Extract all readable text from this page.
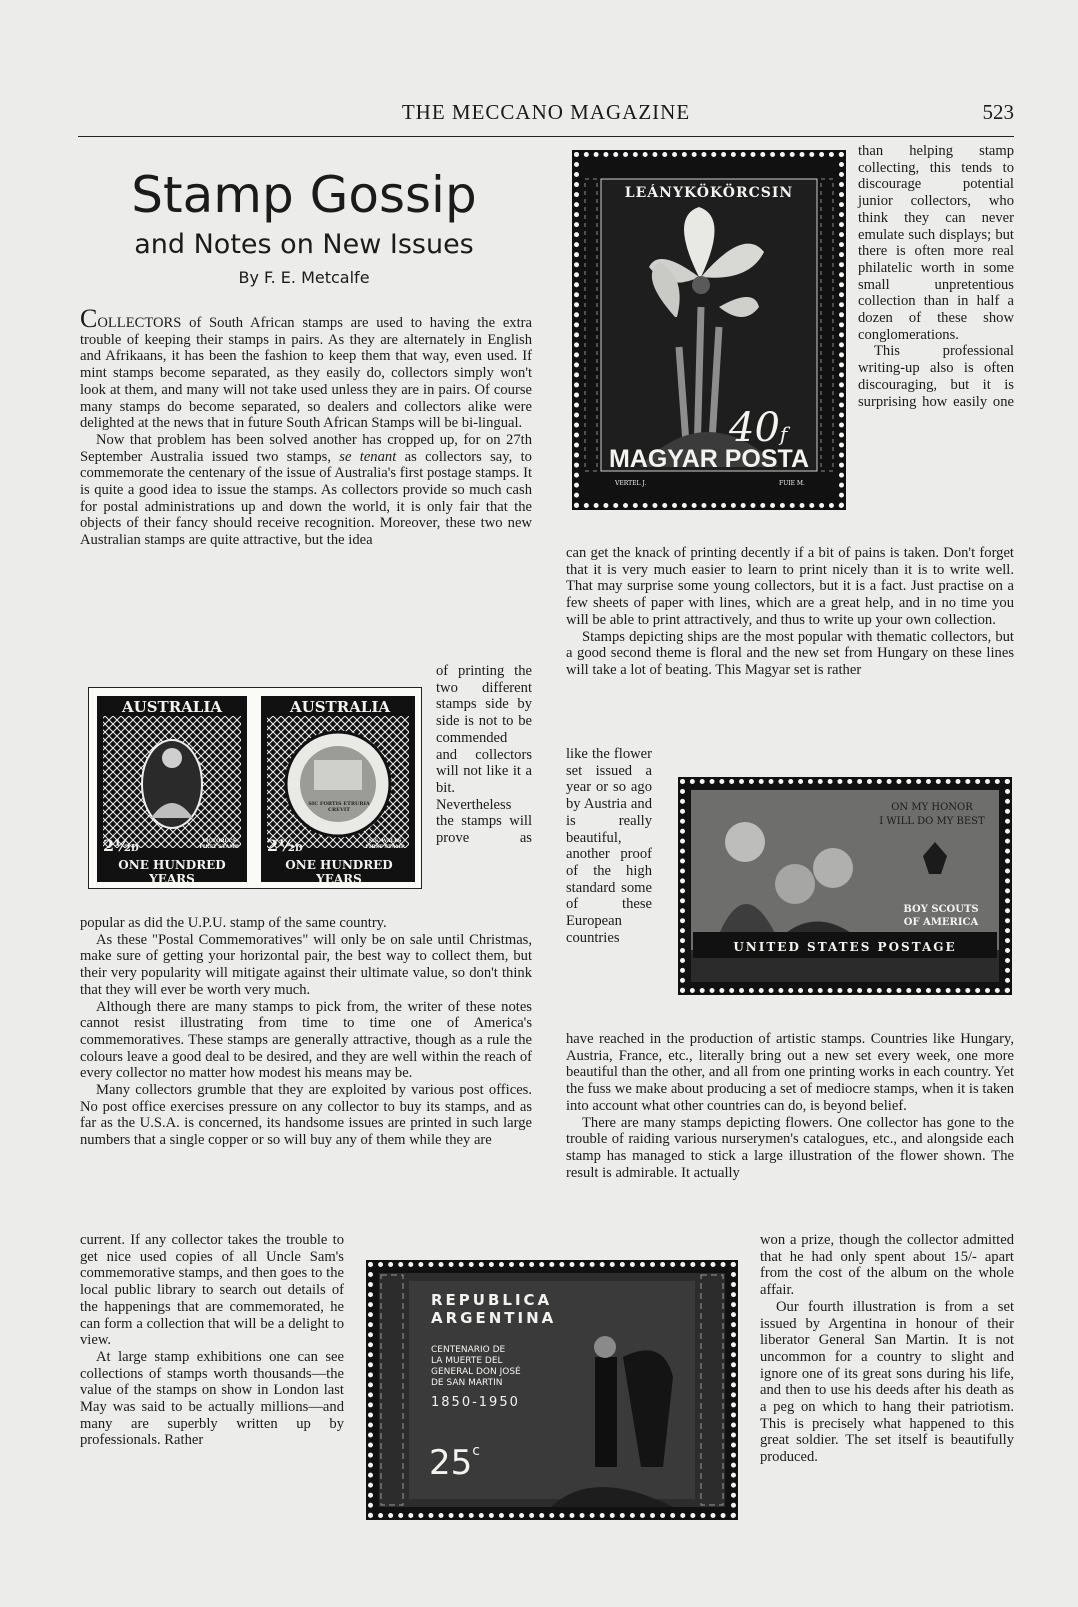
THE MECCANO MAGAZINE	523
Stamp Gossip
and Notes on New Issues
By F. E. Metcalfe

COLLECTORS of South African stamps are used to having the extra trouble of keeping their stamps in pairs. As they are alternately in English and Afrikaans, it has been the fashion to keep them that way, even used. If mint stamps become separated, as they easily do, collectors simply won't look at them, and many will not take used unless they are in pairs. Of course many stamps do become separated, so dealers and collectors alike were delighted at the news that in future South African Stamps will be bi-lingual.

Now that problem has been solved another has cropped up, for on 27th September Australia issued two stamps, se tenant as collectors say, to commemorate the centenary of the issue of Australia's first postage stamps. It is quite a good idea to issue the stamps. As collectors provide so much cash for postal administrations up and down the world, it is only fair that the objects of their fancy should receive recognition. Moreover, these two new Australian stamps are quite attractive, but the idea

AUSTRALIA	AUSTRALIA
2½D	2½D
VICTORIA'S FIRST STAMP
N.S. WALES FIRST STAMP
SIC FORTIS ETRURIA CREVIT
ONE HUNDRED YEARS
ONE HUNDRED YEARS

of printing the two different stamps side by side is not to be commended and collectors will not like it a bit. Nevertheless the stamps will prove as

popular as did the U.P.U. stamp of the same country.

As these "Postal Commemoratives" will only be on sale until Christmas, make sure of getting your horizontal pair, the best way to collect them, but their very popularity will mitigate against their ultimate value, so don't think that they will ever be worth very much.

Although there are many stamps to pick from, the writer of these notes cannot resist illustrating from time to time one of America's commemoratives. These stamps are generally attractive, though as a rule the colours leave a good deal to be desired, and they are well within the reach of every collector no matter how modest his means may be.

Many collectors grumble that they are exploited by various post offices. No post office exercises pressure on any collector to buy its stamps, and as far as the U.S.A. is concerned, its handsome issues are printed in such large numbers that a single copper or so will buy any of them while they are

current. If any collector takes the trouble to get nice used copies of all Uncle Sam's commemorative stamps, and then goes to the local public library to search out details of the happenings that are commemorated, he can form a collection that will be a delight to view.

At large stamp exhibitions one can see collections of stamps worth thousands—the value of the stamps on show in London last May was said to be actually millions—and many are superbly written up by professionals. Rather

LEÁNYKÖKÖRCSIN
40f
MAGYAR POSTA
VERTEL J.	FUIE M.

than helping stamp collecting, this tends to discourage potential junior collectors, who think they can never emulate such displays; but there is often more real philatelic worth in some small unpretentious collection than in half a dozen of these show conglomerations.

This professional writing-up also is often discouraging, but it is surprising how easily one

can get the knack of printing decently if a bit of pains is taken. Don't forget that it is very much easier to learn to print nicely than it is to write well. That may surprise some young collectors, but it is a fact. Just practise on a few sheets of paper with lines, which are a great help, and in no time you will be able to print attractively, and thus to write up your own collection.

Stamps depicting ships are the most popular with thematic collectors, but a good second theme is floral and the new set from Hungary on these lines will take a lot of beating. This Magyar set is rather

like the flower set issued a year or so ago by Austria and is really beautiful, another proof of the high standard some of these European countries

ON MY HONOR
I WILL DO MY BEST
BOY SCOUTS
OF AMERICA
UNITED STATES POSTAGE

have reached in the production of artistic stamps. Countries like Hungary, Austria, France, etc., literally bring out a new set every week, one more beautiful than the other, and all from one printing works in each country. Yet the fuss we make about producing a set of mediocre stamps, when it is taken into account what other countries can do, is beyond belief.

There are many stamps depicting flowers. One collector has gone to the trouble of raiding various nurserymen's catalogues, etc., and alongside each stamp has managed to stick a large illustration of the flower shown. The result is admirable. It actually

won a prize, though the collector admitted that he had only spent about 15/- apart from the cost of the album on the whole affair.

Our fourth illustration is from a set issued by Argentina in honour of their liberator General San Martin. It is not uncommon for a country to slight and ignore one of its great sons during his life, and then to use his deeds after his death as a peg on which to hang their patriotism. This is precisely what happened to this great soldier. The set itself is beautifully produced.

REPUBLICA
ARGENTINA
CENTENARIO DE
LA MUERTE DEL
GENERAL DON JOSÉ
DE SAN MARTIN
1850-1950
25$^c$
